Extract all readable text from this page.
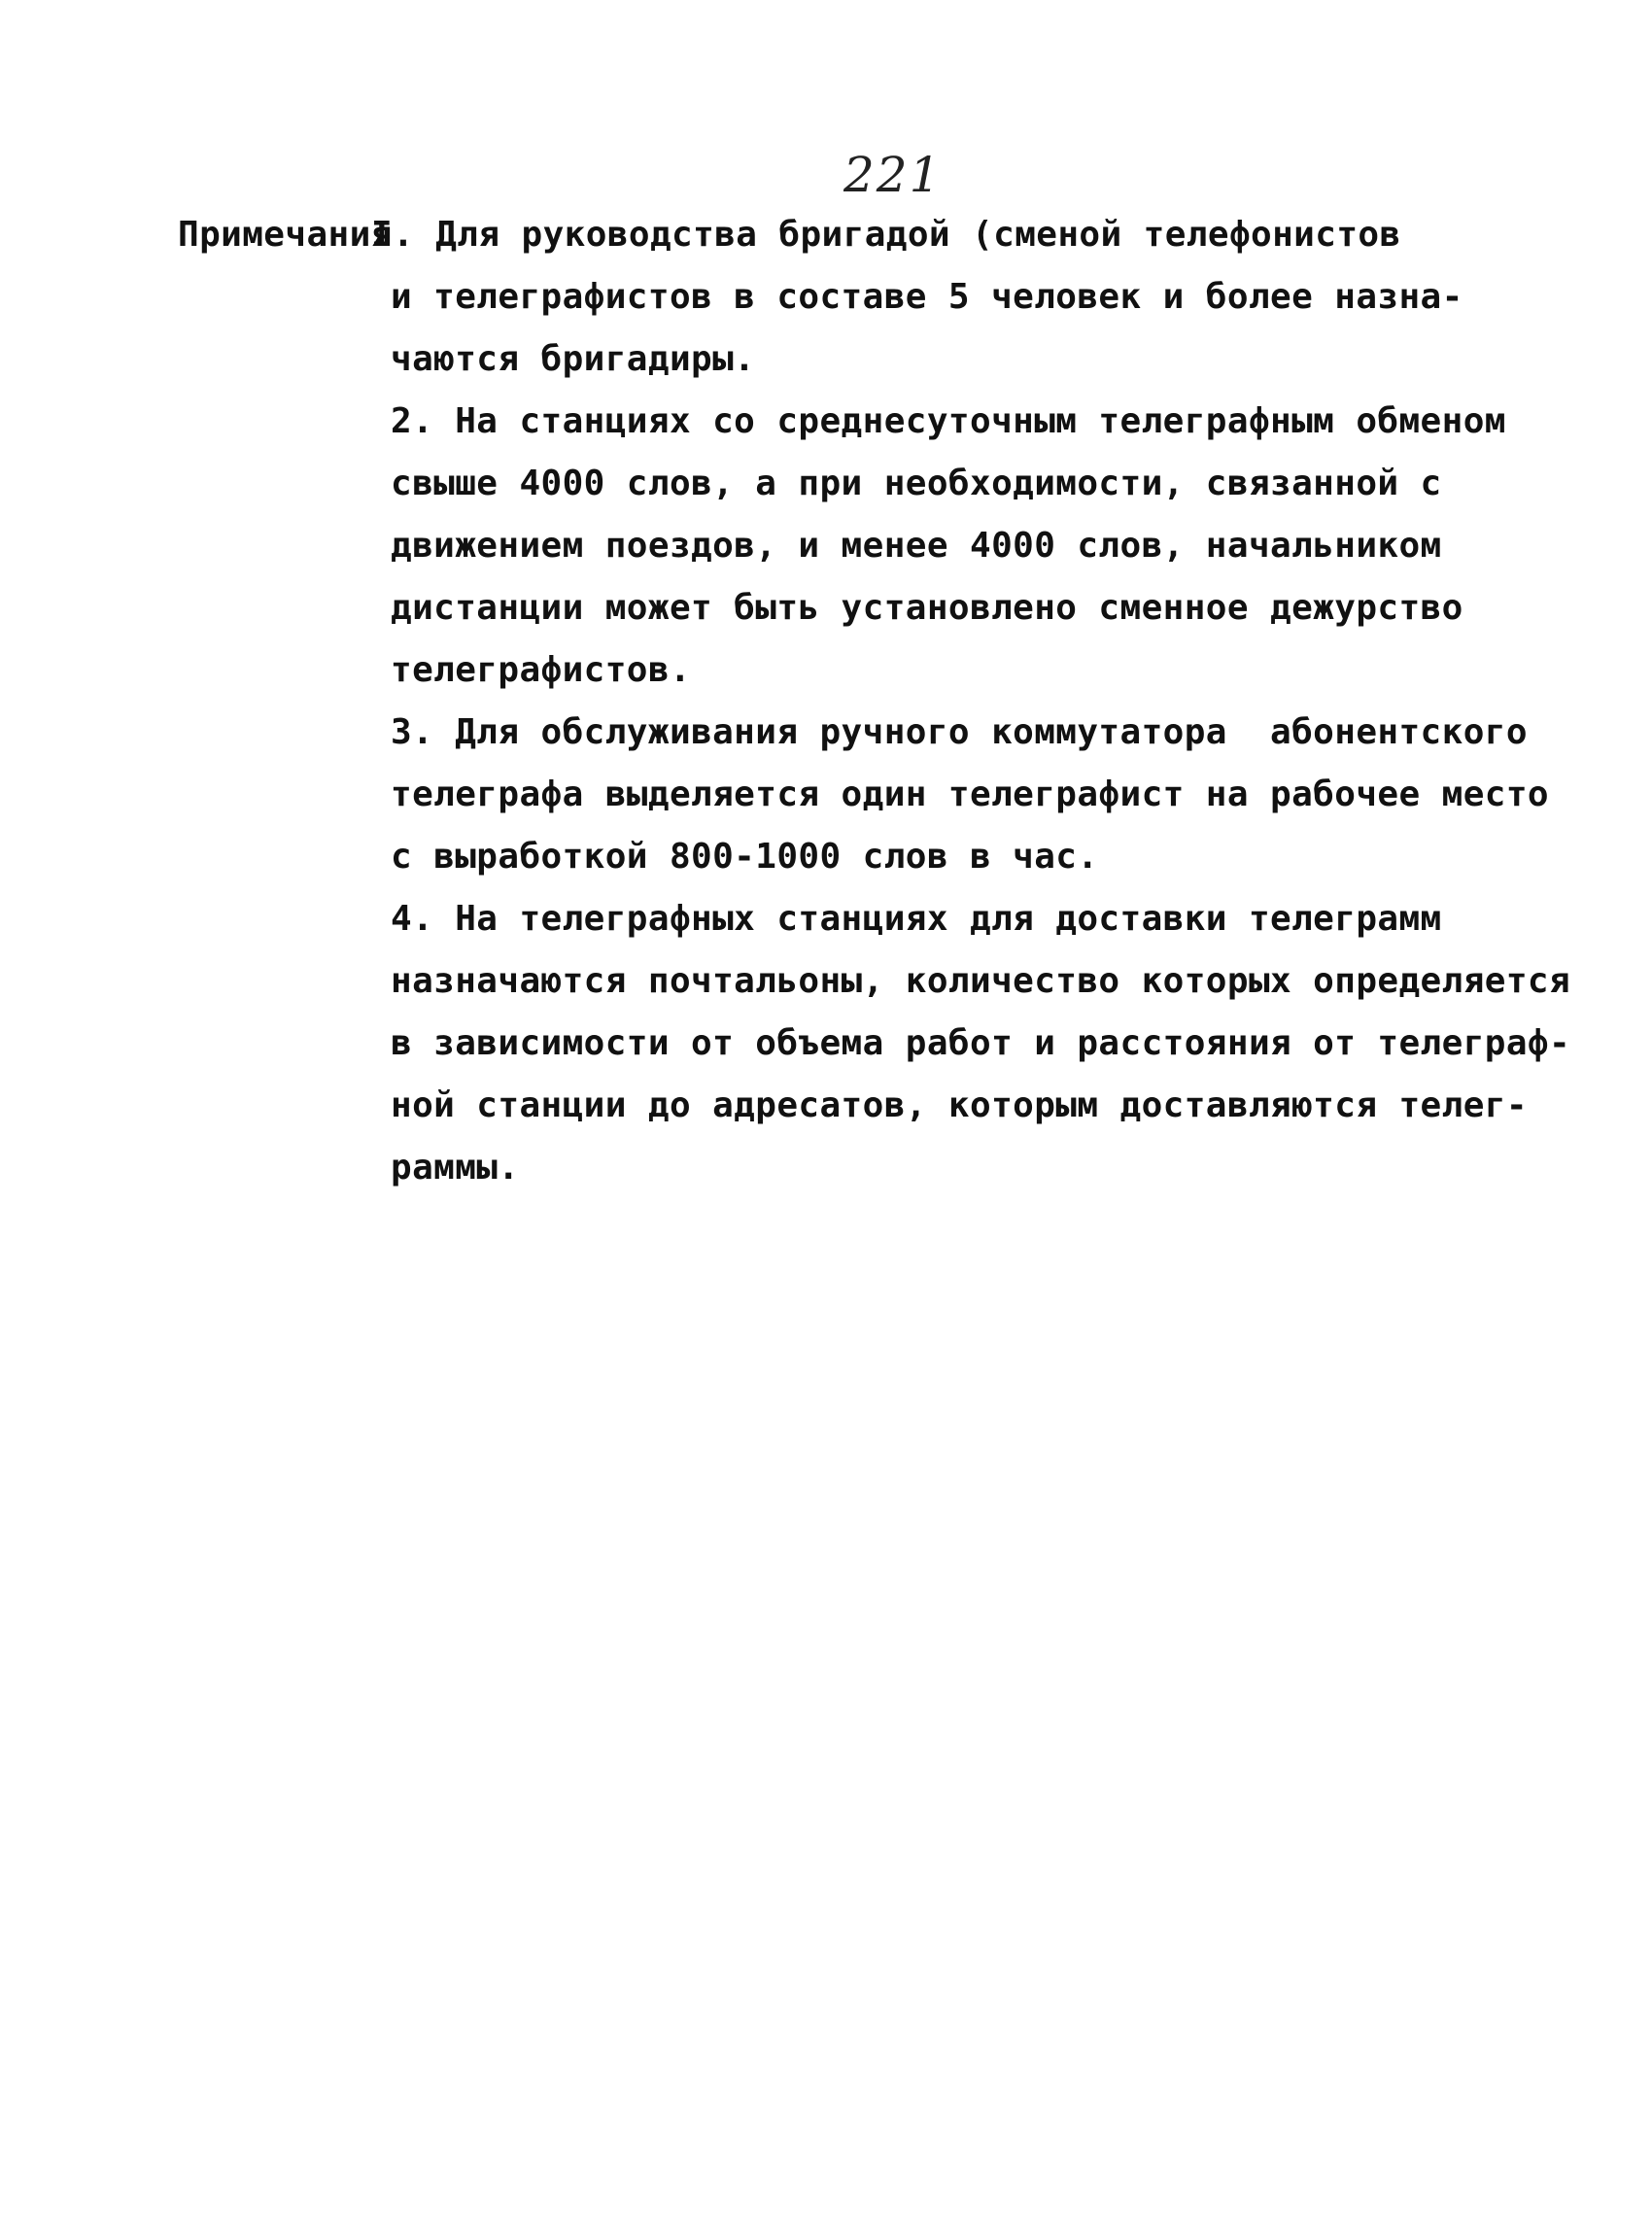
221
Примечания
I. Для руководства бригадой (сменой телефонистов
и телеграфистов в составе 5 человек и более назна-
чаются бригадиры.
2. На станциях со среднесуточным телеграфным обменом
свыше 4000 слов, а при необходимости, связанной с
движением поездов, и менее 4000 слов, начальником
дистанции может быть установлено сменное дежурство
телеграфистов.
3. Для обслуживания ручного коммутатора  абонентского
телеграфа выделяется один телеграфист на рабочее место
с выработкой 800-1000 слов в час.
4. На телеграфных станциях для доставки телеграмм
назначаются почтальоны, количество которых определяется
в зависимости от объема работ и расстояния от телеграф-
ной станции до адресатов, которым доставляются телег-
раммы.
